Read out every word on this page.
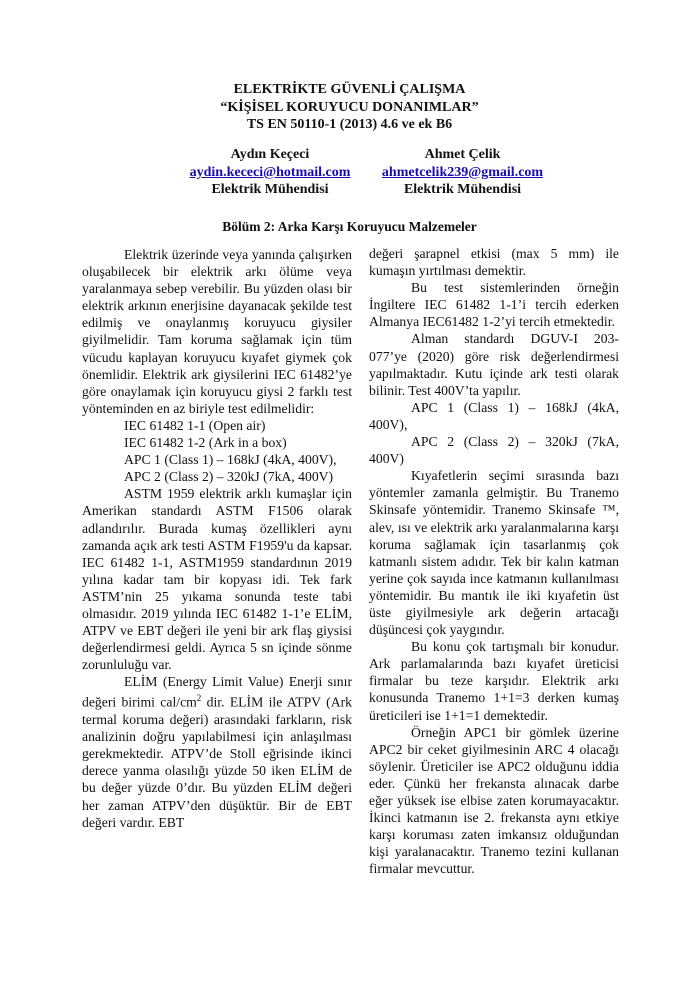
ELEKTRİKTE GÜVENLİ ÇALIŞMA
“KİŞİSEL KORUYUCU DONANIMLAR”
TS EN 50110-1 (2013) 4.6 ve ek B6
Aydın Keçeci
aydin.kececi@hotmail.com
Elektrik Mühendisi
Ahmet Çelik
ahmetcelik239@gmail.com
Elektrik Mühendisi
Bölüm 2: Arka Karşı Koruyucu Malzemeler

Elektrik üzerinde veya yanında çalışırken oluşabilecek bir elektrik arkı ölüme veya yaralanmaya sebep verebilir. Bu yüzden olası bir elektrik arkının enerjisine dayanacak şekilde test edilmiş ve onaylanmış koruyucu giysiler giyilmelidir. Tam koruma sağlamak için tüm vücudu kaplayan koruyucu kıyafet giymek çok önemlidir. Elektrik ark giysilerini IEC 61482’ye göre onaylamak için koruyucu giysi 2 farklı test yönteminden en az biriyle test edilmelidir:

IEC 61482 1-1 (Open air)

IEC 61482 1-2 (Ark in a box)

APC 1 (Class 1) – 168kJ (4kA, 400V),

APC 2 (Class 2) – 320kJ (7kA, 400V)

ASTM 1959 elektrik arklı kumaşlar için Amerikan standardı ASTM F1506 olarak adlandırılır. Burada kumaş özellikleri aynı zamanda açık ark testi ASTM F1959'u da kapsar. IEC 61482 1-1, ASTM1959 standardının 2019 yılına kadar tam bir kopyası idi. Tek fark ASTM’nin 25 yıkama sonunda teste tabi olmasıdır. 2019 yılında IEC 61482 1-1’e ELİM, ATPV ve EBT değeri ile yeni bir ark flaş giysisi değerlendirmesi geldi. Ayrıca 5 sn içinde sönme zorunluluğu var.

ELİM (Energy Limit Value) Enerji sınır değeri birimi cal/$cm^2$ dir. ELİM ile ATPV (Ark termal koruma değeri) arasındaki farkların, risk analizinin doğru yapılabilmesi için anlaşılması gerekmektedir. ATPV’de Stoll eğrisinde ikinci derece yanma olasılığı yüzde 50 iken ELİM de bu değer yüzde 0’dır. Bu yüzden ELİM değeri her zaman ATPV’den düşüktür. Bir de EBT değeri vardır. EBT

değeri şarapnel etkisi (max 5 mm) ile kumaşın yırtılması demektir.

Bu test sistemlerinden örneğin İngiltere IEC 61482 1-1’i tercih ederken Almanya IEC61482 1-2’yi tercih etmektedir.

Alman standardı DGUV-I 203-077’ye (2020) göre risk değerlendirmesi yapılmaktadır. Kutu içinde ark testi olarak bilinir. Test 400V’ta yapılır.

APC 1 (Class 1) – 168kJ (4kA, 400V),

APC 2 (Class 2) – 320kJ (7kA, 400V)

Kıyafetlerin seçimi sırasında bazı yöntemler zamanla gelmiştir. Bu Tranemo Skinsafe yöntemidir. Tranemo Skinsafe ™, alev, ısı ve elektrik arkı yaralanmalarına karşı koruma sağlamak için tasarlanmış çok katmanlı sistem adıdır. Tek bir kalın katman yerine çok sayıda ince katmanın kullanılması yöntemidir. Bu mantık ile iki kıyafetin üst üste giyilmesiyle ark değerin artacağı düşüncesi çok yaygındır.

Bu konu çok tartışmalı bir konudur. Ark parlamalarında bazı kıyafet üreticisi firmalar bu teze karşıdır. Elektrik arkı konusunda Tranemo 1+1=3 derken kumaş üreticileri ise 1+1=1 demektedir.

Örneğin APC1 bir gömlek üzerine APC2 bir ceket giyilmesinin ARC 4 olacağı söylenir. Üreticiler ise APC2 olduğunu iddia eder. Çünkü her frekansta alınacak darbe eğer yüksek ise elbise zaten korumayacaktır. İkinci katmanın ise 2. frekansta aynı etkiye karşı koruması zaten imkansız olduğundan kişi yaralanacaktır. Tranemo tezini kullanan firmalar mevcuttur.
